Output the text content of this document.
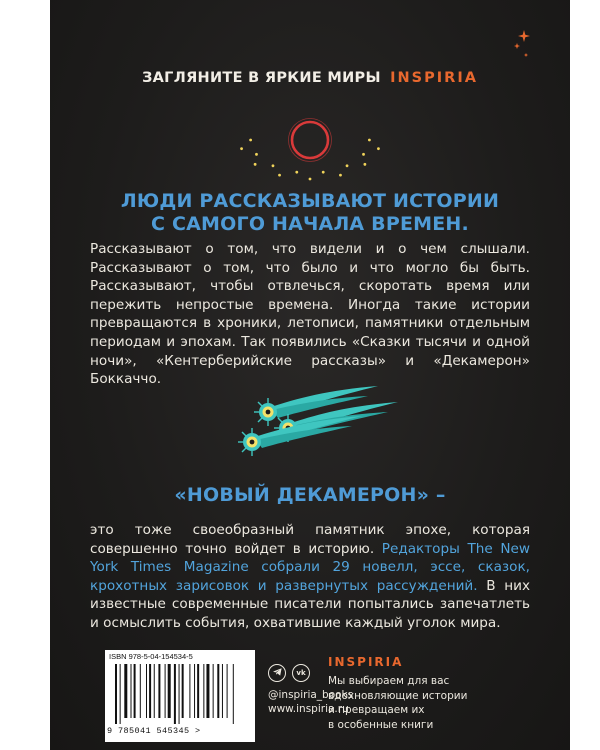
ЗАГЛЯНИТЕ В ЯРКИЕ МИРЫ INSPIRIA
ЛЮДИ РАССКАЗЫВАЮТ ИСТОРИИ
С САМОГО НАЧАЛА ВРЕМЕН.
Рассказывают о том, что видели и о чем слышали. Рассказывают о том, что было и что могло бы быть. Рассказывают, чтобы отвлечься, скоротать время или пережить непростые времена. Иногда такие истории превращаются в хроники, летописи, памятники отдельным периодам и эпохам. Так появились «Сказки тысячи и одной ночи», «Кентерберийские рассказы» и «Декамерон» Боккаччо.
«НОВЫЙ ДЕКАМЕРОН» –
это тоже своеобразный памятник эпохе, которая совершенно точно войдет в историю. Редакторы The New York Times Magazine собрали 29 новелл, эссе, сказок, крохотных зарисовок и развернутых рассуждений. В них известные современные писатели попытались запечатлеть и осмыслить события, охватившие каждый уголок мира.
ISBN 978-5-04-154534-5
9 785041 545345 >
vk
@inspiria_books
www.inspiria.ru
INSPIRIA
Мы выбираем для вас
вдохновляющие истории
и превращаем их
в особенные книги
